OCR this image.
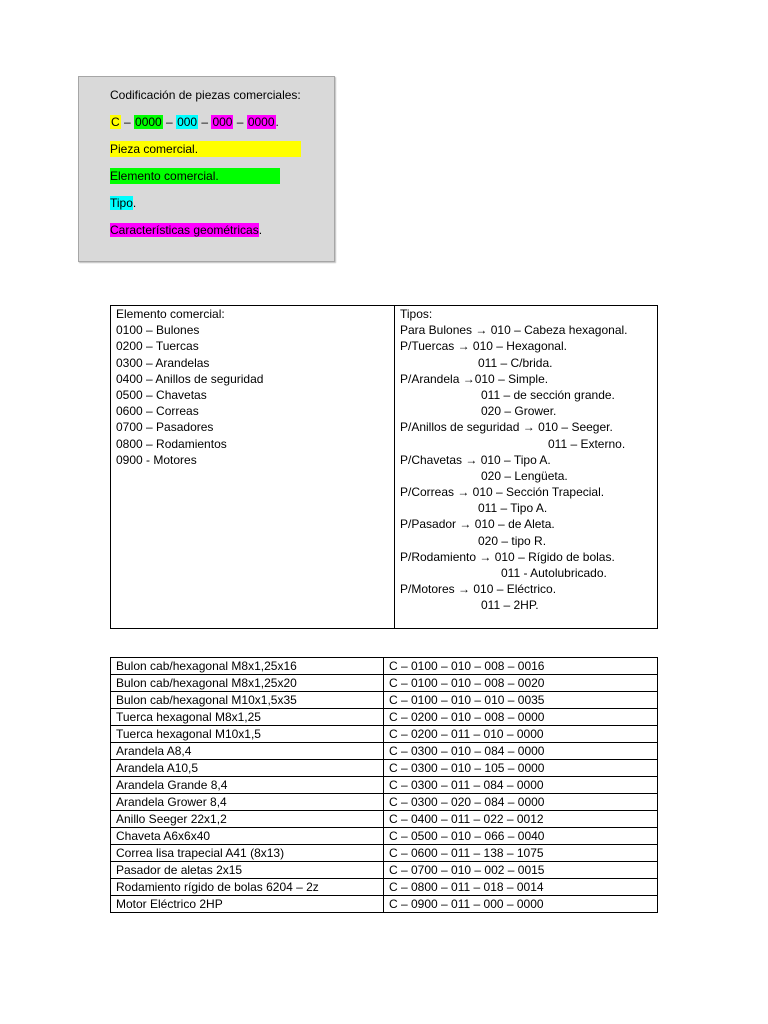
Codificación de piezas comerciales:
C – 0000 – 000 – 000 – 0000.
Pieza comercial.
Elemento comercial.
Tipo.
Características geométricas.
Elemento comercial:
0100 – Bulones
0200 – Tuercas
0300 – Arandelas
0400 – Anillos de seguridad
0500 – Chavetas
0600 – Correas
0700 – Pasadores
0800 – Rodamientos
0900 - Motores

Tipos:
Para Bulones → 010 – Cabeza hexagonal.
P/Tuercas → 010 – Hexagonal.
011 – C/brida.
P/Arandela →010 – Simple.
011 – de sección grande.
020 – Grower.
P/Anillos de seguridad → 010 – Seeger.
011 – Externo.
P/Chavetas → 010 – Tipo A.
020 – Lengüeta.
P/Correas → 010 – Sección Trapecial.
011 – Tipo A.
P/Pasador → 010 – de Aleta.
020 – tipo R.
P/Rodamiento → 010 – Rígido de bolas.
011 - Autolubricado.
P/Motores → 010 – Eléctrico.
011 – 2HP.
Bulon cab/hexagonal M8x1,25x16	C – 0100 – 010 – 008 – 0016
Bulon cab/hexagonal M8x1,25x20	C – 0100 – 010 – 008 – 0020
Bulon cab/hexagonal M10x1,5x35	C – 0100 – 010 – 010 – 0035
Tuerca hexagonal M8x1,25	C – 0200 – 010 – 008 – 0000
Tuerca hexagonal M10x1,5	C – 0200 – 011 – 010 – 0000
Arandela A8,4	C – 0300 – 010 – 084 – 0000
Arandela A10,5	C – 0300 – 010 – 105 – 0000
Arandela Grande 8,4	C – 0300 – 011 – 084 – 0000
Arandela Grower 8,4	C – 0300 – 020 – 084 – 0000
Anillo Seeger 22x1,2	C – 0400 – 011 – 022 – 0012
Chaveta A6x6x40	C – 0500 – 010 – 066 – 0040
Correa lisa trapecial A41 (8x13)	C – 0600 – 011 – 138 – 1075
Pasador de aletas 2x15	C – 0700 – 010 – 002 – 0015
Rodamiento rígido de bolas 6204 – 2z	C – 0800 – 011 – 018 – 0014
Motor Eléctrico 2HP	C – 0900 – 011 – 000 – 0000
